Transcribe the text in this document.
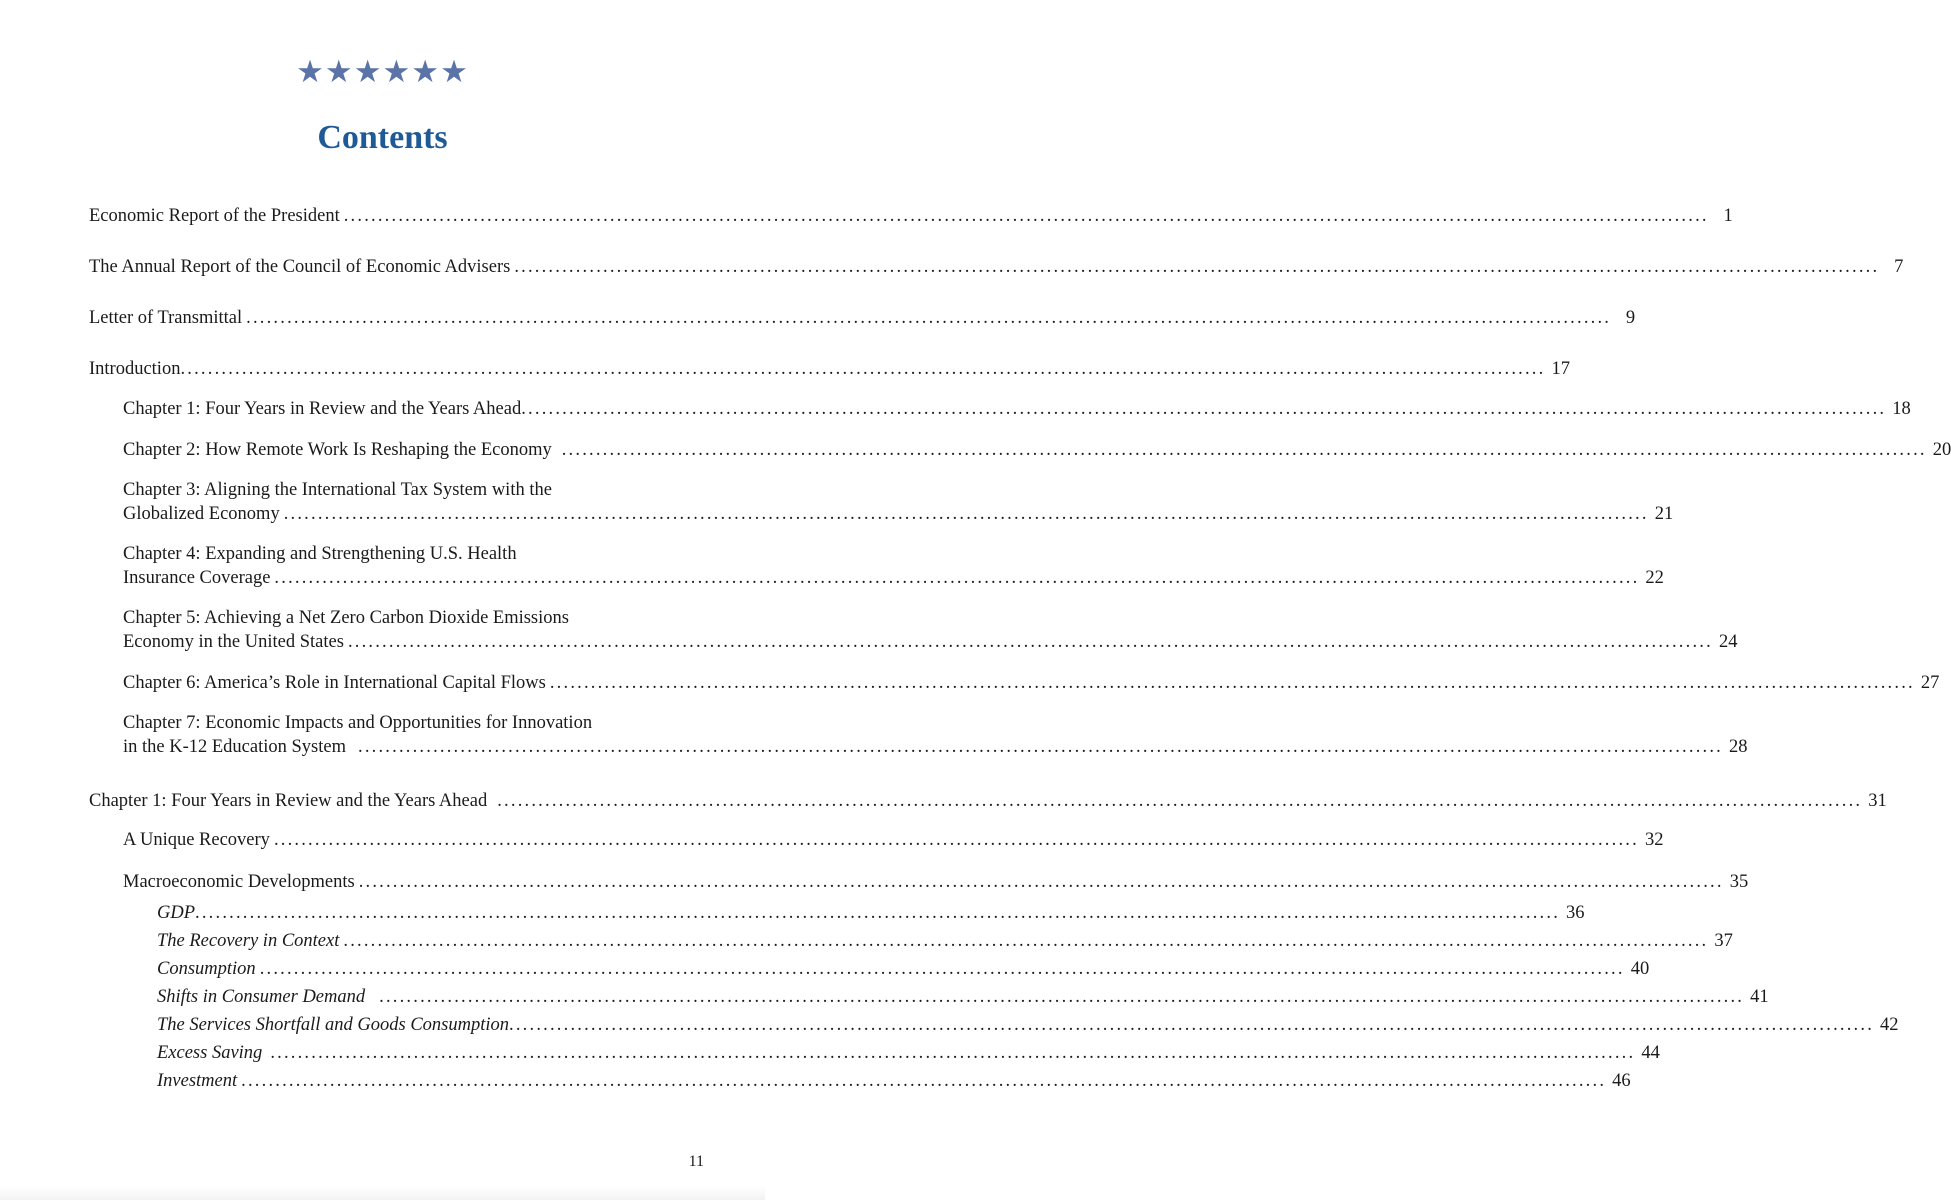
★★★★★★
Contents
Economic Report of the President ........................................................................................................................................................................................................ 1
The Annual Report of the Council of Economic Advisers ........................................................................................................................................................................................................ 7
Letter of Transmittal ........................................................................................................................................................................................................ 9
Introduction ........................................................................................................................................................................................................ 17
Chapter 1: Four Years in Review and the Years Ahead ........................................................................................................................................................................................................ 18
Chapter 2: How Remote Work Is Reshaping the Economy ........................................................................................................................................................................................................ 20
Chapter 3: Aligning the International Tax System with the
Globalized Economy ........................................................................................................................................................................................................ 21
Chapter 4: Expanding and Strengthening U.S. Health
Insurance Coverage ........................................................................................................................................................................................................ 22
Chapter 5: Achieving a Net Zero Carbon Dioxide Emissions
Economy in the United States ........................................................................................................................................................................................................ 24
Chapter 6: America’s Role in International Capital Flows ........................................................................................................................................................................................................ 27
Chapter 7: Economic Impacts and Opportunities for Innovation
in the K-12 Education System ........................................................................................................................................................................................................ 28
Chapter 1: Four Years in Review and the Years Ahead ........................................................................................................................................................................................................ 31
A Unique Recovery ........................................................................................................................................................................................................ 32
Macroeconomic Developments ........................................................................................................................................................................................................ 35
GDP ........................................................................................................................................................................................................ 36
The Recovery in Context ........................................................................................................................................................................................................ 37
Consumption ........................................................................................................................................................................................................ 40
Shifts in Consumer Demand ........................................................................................................................................................................................................ 41
The Services Shortfall and Goods Consumption ........................................................................................................................................................................................................ 42
Excess Saving ........................................................................................................................................................................................................ 44
Investment ........................................................................................................................................................................................................ 46
11
